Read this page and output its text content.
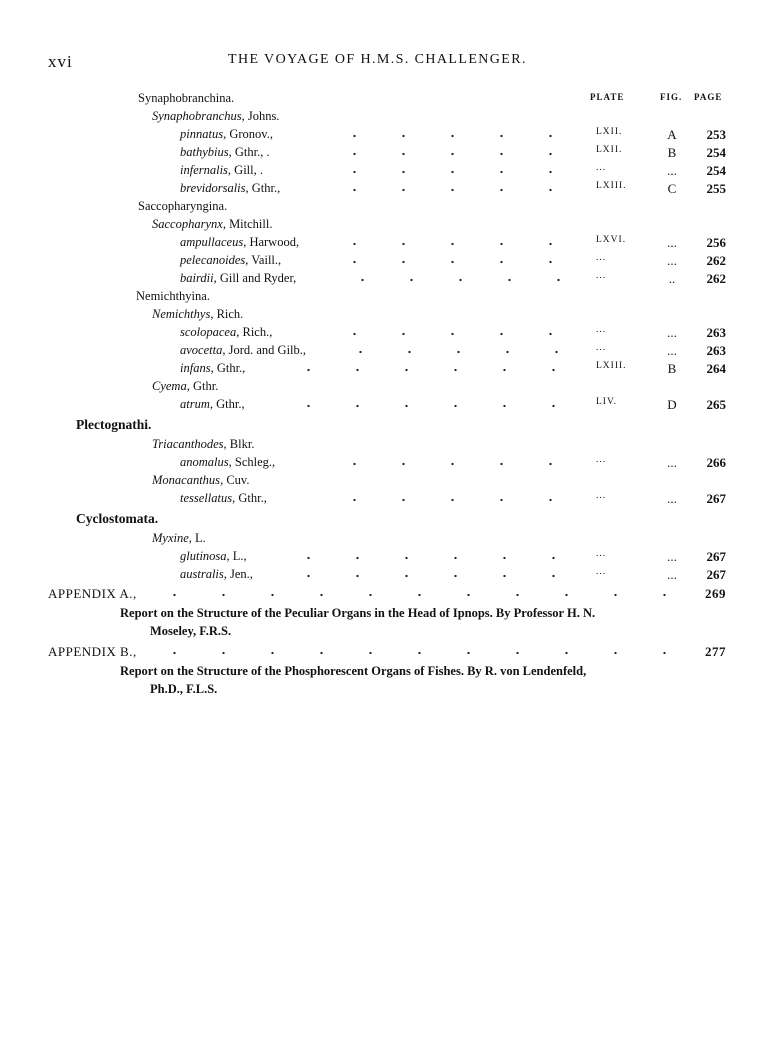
xvi	THE VOYAGE OF H.M.S. CHALLENGER.
PLATE	FIG. PAGE
Synaphobranchina.
Synaphobranchus, Johns.
pinnatus, Gronov.,	LXII.	A	253
bathybius, Gthr., .	LXII.	B	254
infernalis, Gill, .	...	...	254
brevidorsalis, Gthr.,	LXIII.	C	255
Saccopharyngina.
Saccopharynx, Mitchill.
ampullaceus, Harwood,	LXVI.	...	256
pelecanoides, Vaill.,	...	...	262
bairdii, Gill and Ryder,	...	..	262
Nemichthyina.
Nemichthys, Rich.
scolopacea, Rich.,	...	...	263
avocetta, Jord. and Gilb.,	...	...	263
infans, Gthr.,	LXIII.	B	264
Cyema, Gthr.
atrum, Gthr.,	LIV.	D	265
Plectognathi.
Triacanthodes, Blkr.
anomalus, Schleg.,	...	...	266
Monacanthus, Cuv.
tessellatus, Gthr.,	...	...	267
Cyclostomata.
Myxine, L.
glutinosa, L.,	...	...	267
australis, Jen.,	...	...	267
APPENDIX A.,	269
Report on the Structure of the Peculiar Organs in the Head of Ipnops. By Professor H. N.
Moseley, F.R.S.
APPENDIX B.,	277
Report on the Structure of the Phosphorescent Organs of Fishes. By R. von Lendenfeld,
Ph.D., F.L.S.
